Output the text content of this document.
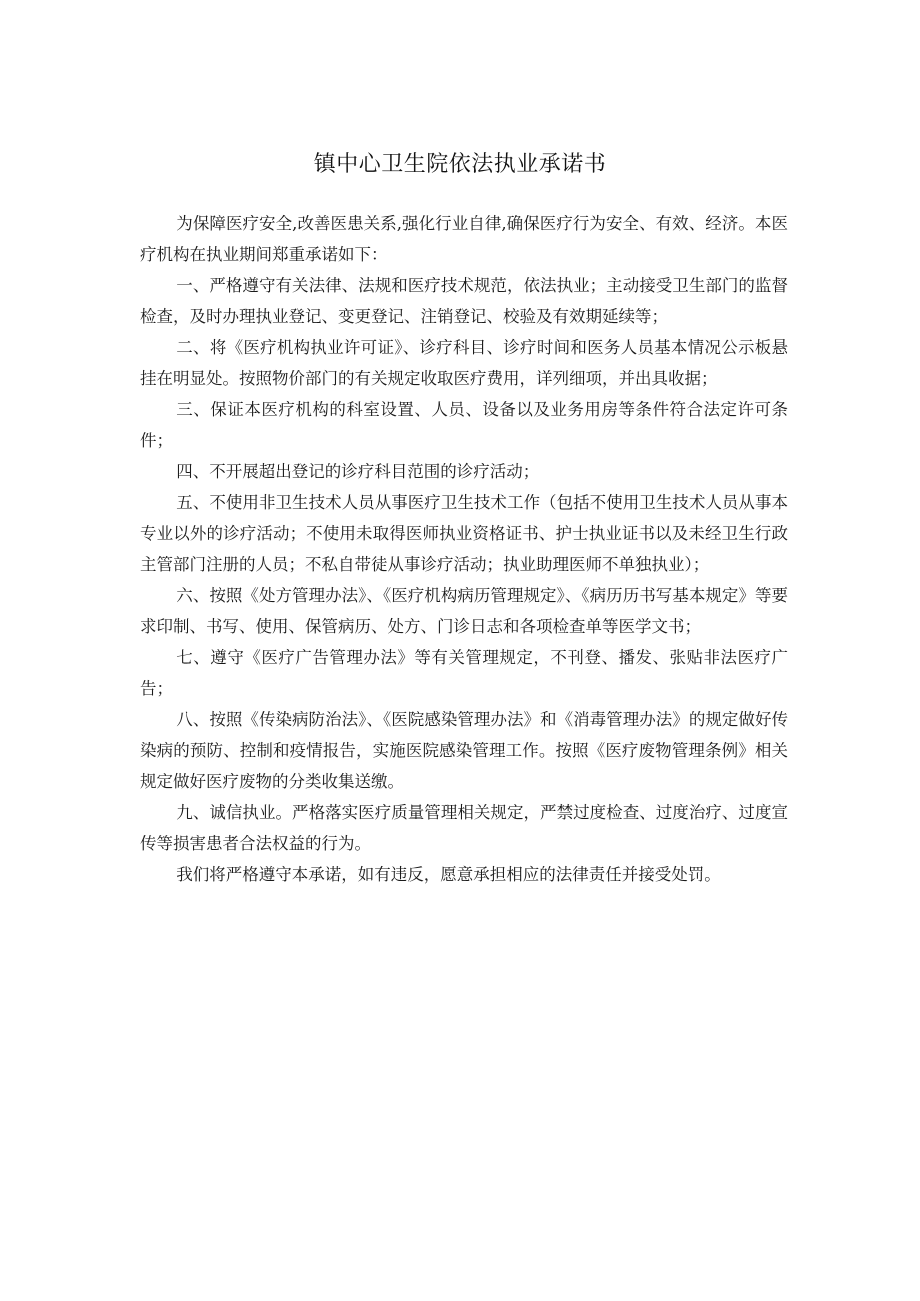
镇中心卫生院依法执业承诺书

为保障医疗安全,改善医患关系,强化行业自律,确保医疗行为安全、有效、经济。本医疗机构在执业期间郑重承诺如下：

一、严格遵守有关法律、法规和医疗技术规范，依法执业；主动接受卫生部门的监督检查，及时办理执业登记、变更登记、注销登记、校验及有效期延续等；

二、将《医疗机构执业许可证》、诊疗科目、诊疗时间和医务人员基本情况公示板悬挂在明显处。按照物价部门的有关规定收取医疗费用，详列细项，并出具收据；

三、保证本医疗机构的科室设置、人员、设备以及业务用房等条件符合法定许可条件；

四、不开展超出登记的诊疗科目范围的诊疗活动；

五、不使用非卫生技术人员从事医疗卫生技术工作（包括不使用卫生技术人员从事本专业以外的诊疗活动；不使用未取得医师执业资格证书、护士执业证书以及未经卫生行政主管部门注册的人员；不私自带徒从事诊疗活动；执业助理医师不单独执业）；

六、按照《处方管理办法》、《医疗机构病历管理规定》、《病历历书写基本规定》等要求印制、书写、使用、保管病历、处方、门诊日志和各项检查单等医学文书；

七、遵守《医疗广告管理办法》等有关管理规定，不刊登、播发、张贴非法医疗广告；

八、按照《传染病防治法》、《医院感染管理办法》和《消毒管理办法》的规定做好传染病的预防、控制和疫情报告，实施医院感染管理工作。按照《医疗废物管理条例》相关规定做好医疗废物的分类收集送缴。

九、诚信执业。严格落实医疗质量管理相关规定，严禁过度检查、过度治疗、过度宣传等损害患者合法权益的行为。

我们将严格遵守本承诺，如有违反，愿意承担相应的法律责任并接受处罚。
